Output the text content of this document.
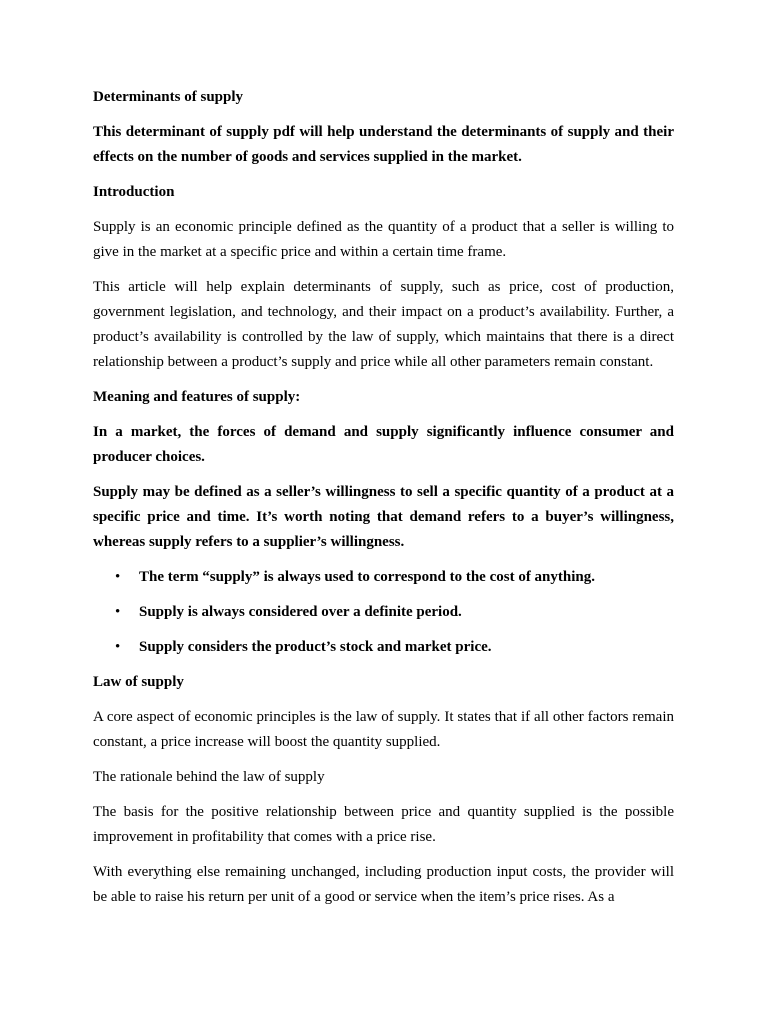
Determinants of supply

This determinant of supply pdf will help understand the determinants of supply and their effects on the number of goods and services supplied in the market.

Introduction

Supply is an economic principle defined as the quantity of a product that a seller is willing to give in the market at a specific price and within a certain time frame.

This article will help explain determinants of supply, such as price, cost of production, government legislation, and technology, and their impact on a product’s availability. Further, a product’s availability is controlled by the law of supply, which maintains that there is a direct relationship between a product’s supply and price while all other parameters remain constant.

Meaning and features of supply:

In a market, the forces of demand and supply significantly influence consumer and producer choices.

Supply may be defined as a seller’s willingness to sell a specific quantity of a product at a specific price and time. It’s worth noting that demand refers to a buyer’s willingness, whereas supply refers to a supplier’s willingness.

• The term “supply” is always used to correspond to the cost of anything.
• Supply is always considered over a definite period.
• Supply considers the product’s stock and market price.

Law of supply

A core aspect of economic principles is the law of supply. It states that if all other factors remain constant, a price increase will boost the quantity supplied.

The rationale behind the law of supply

The basis for the positive relationship between price and quantity supplied is the possible improvement in profitability that comes with a price rise.

With everything else remaining unchanged, including production input costs, the provider will be able to raise his return per unit of a good or service when the item’s price rises. As a
